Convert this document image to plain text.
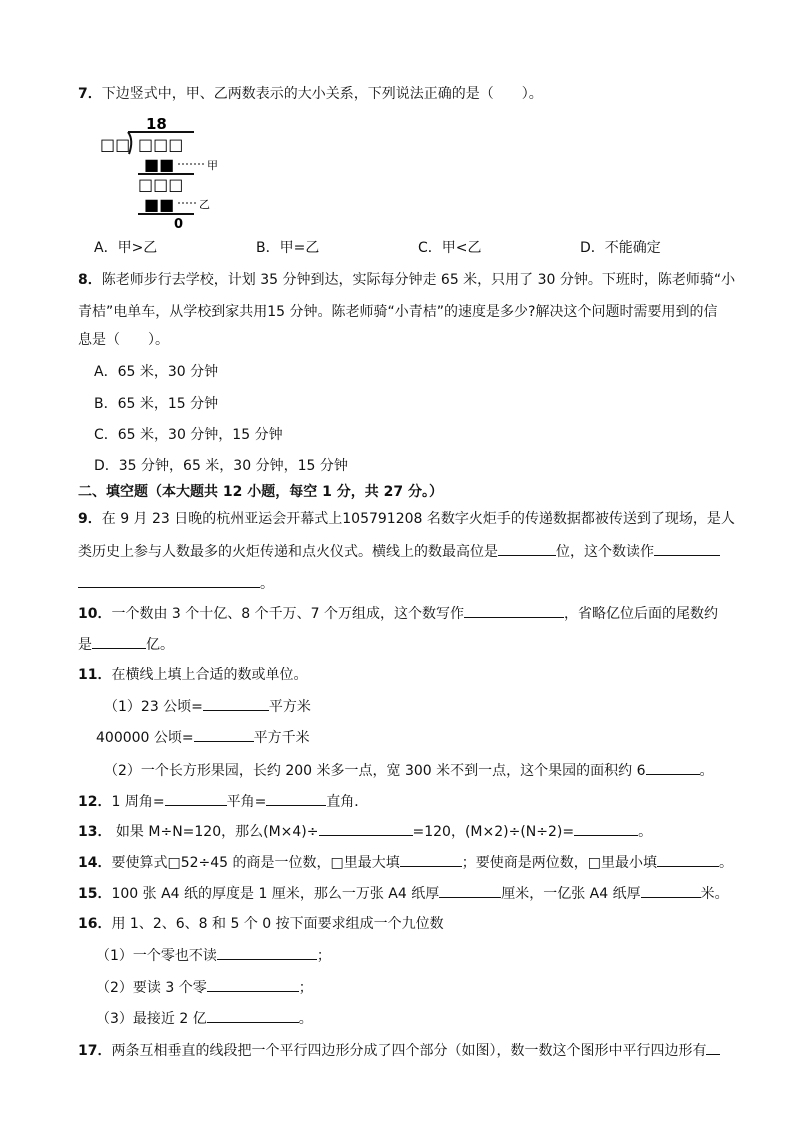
7．下边竖式中，甲、乙两数表示的大小关系，下列说法正确的是（　　）。
18
□□ □□□
■■	甲
□□□
■■ 乙
0
A．甲>乙	B．甲=乙	C．甲<乙	D．不能确定
8．陈老师步行去学校，计划 35 分钟到达，实际每分钟走 65 米，只用了 30 分钟。下班时，陈老师骑“小
青桔”电单车，从学校到家共用15 分钟。陈老师骑“小青桔”的速度是多少?解决这个问题时需要用到的信
息是（　　）。
A．65 米，30 分钟
B．65 米，15 分钟
C．65 米，30 分钟，15 分钟
D．35 分钟，65 米，30 分钟，15 分钟
二、填空题（本大题共 12 小题，每空 1 分，共 27 分。）
9．在 9 月 23 日晚的杭州亚运会开幕式上105791208 名数字火炬手的传递数据都被传送到了现场，是人
类历史上参与人数最多的火炬传递和点火仪式。横线上的数最高位是	位，这个数读作
。
10．一个数由 3 个十亿、8 个千万、7 个万组成，这个数写作	，省略亿位后面的尾数约
是	亿。
11．在横线上填上合适的数或单位。
（1）23 公顷=	平方米
400000 公顷=	平方千米
（2）一个长方形果园，长约 200 米多一点，宽 300 米不到一点，这个果园的面积约 6	。
12．1 周角=	平角=	直角．
13． 如果 M÷N=120，那么(M×4)÷	=120，(M×2)÷(N÷2)=	。
14．要使算式□52÷45 的商是一位数，□里最大填	；要使商是两位数，□里最小填	。
15．100 张 A4 纸的厚度是 1 厘米，那么一万张 A4 纸厚	厘米，一亿张 A4 纸厚	米。
16．用 1、2、6、8 和 5 个 0 按下面要求组成一个九位数
（1）一个零也不读	；
（2）要读 3 个零	；
（3）最接近 2 亿	。
17．两条互相垂直的线段把一个平行四边形分成了四个部分（如图），数一数这个图形中平行四边形有
